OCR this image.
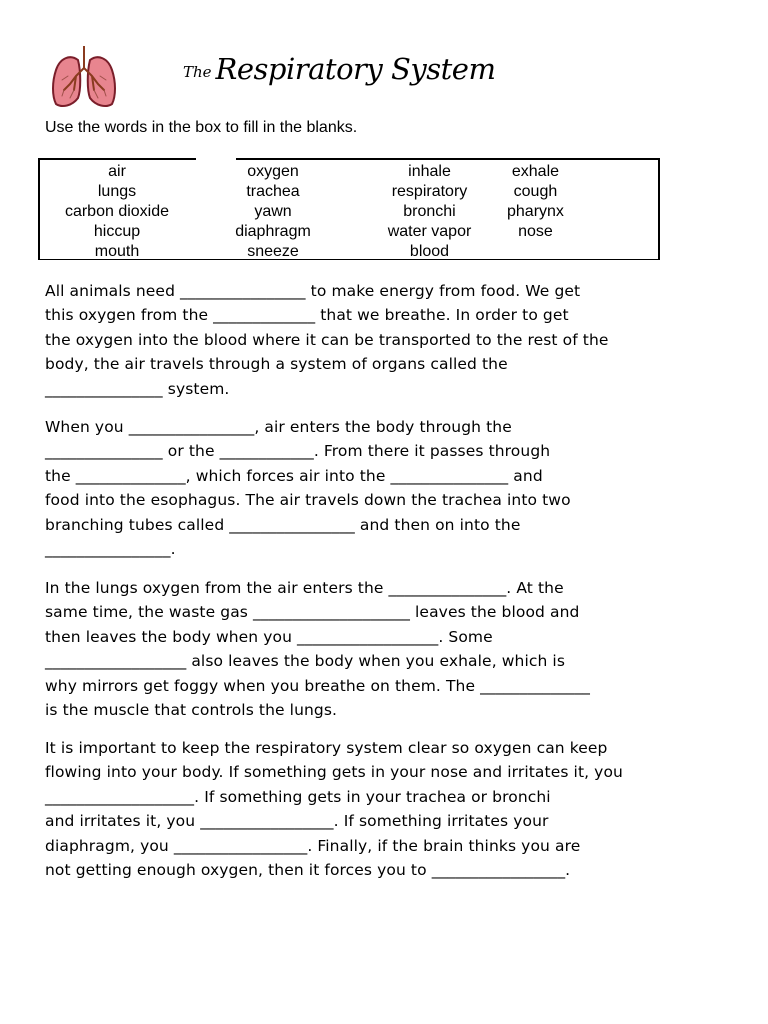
The Respiratory System
Use the words in the box to fill in the blanks.
air
lungs
carbon dioxide
hiccup
mouth
oxygen
trachea
yawn
diaphragm
sneeze
inhale
respiratory
bronchi
water vapor
blood
exhale
cough
pharynx
nose
All animals need ________________ to make energy from food. We get
this oxygen from the _____________ that we breathe. In order to get
the oxygen into the blood where it can be transported to the rest of the
body, the air travels through a system of organs called the
_______________ system.
When you ________________, air enters the body through the
_______________ or the ____________. From there it passes through
the ______________, which forces air into the _______________ and
food into the esophagus. The air travels down the trachea into two
branching tubes called ________________ and then on into the
________________.
In the lungs oxygen from the air enters the _______________. At the
same time, the waste gas ____________________ leaves the blood and
then leaves the body when you __________________. Some
__________________ also leaves the body when you exhale, which is
why mirrors get foggy when you breathe on them. The ______________
is the muscle that controls the lungs.
It is important to keep the respiratory system clear so oxygen can keep
flowing into your body. If something gets in your nose and irritates it, you
___________________. If something gets in your trachea or bronchi
and irritates it, you _________________. If something irritates your
diaphragm, you _________________. Finally, if the brain thinks you are
not getting enough oxygen, then it forces you to _________________.
